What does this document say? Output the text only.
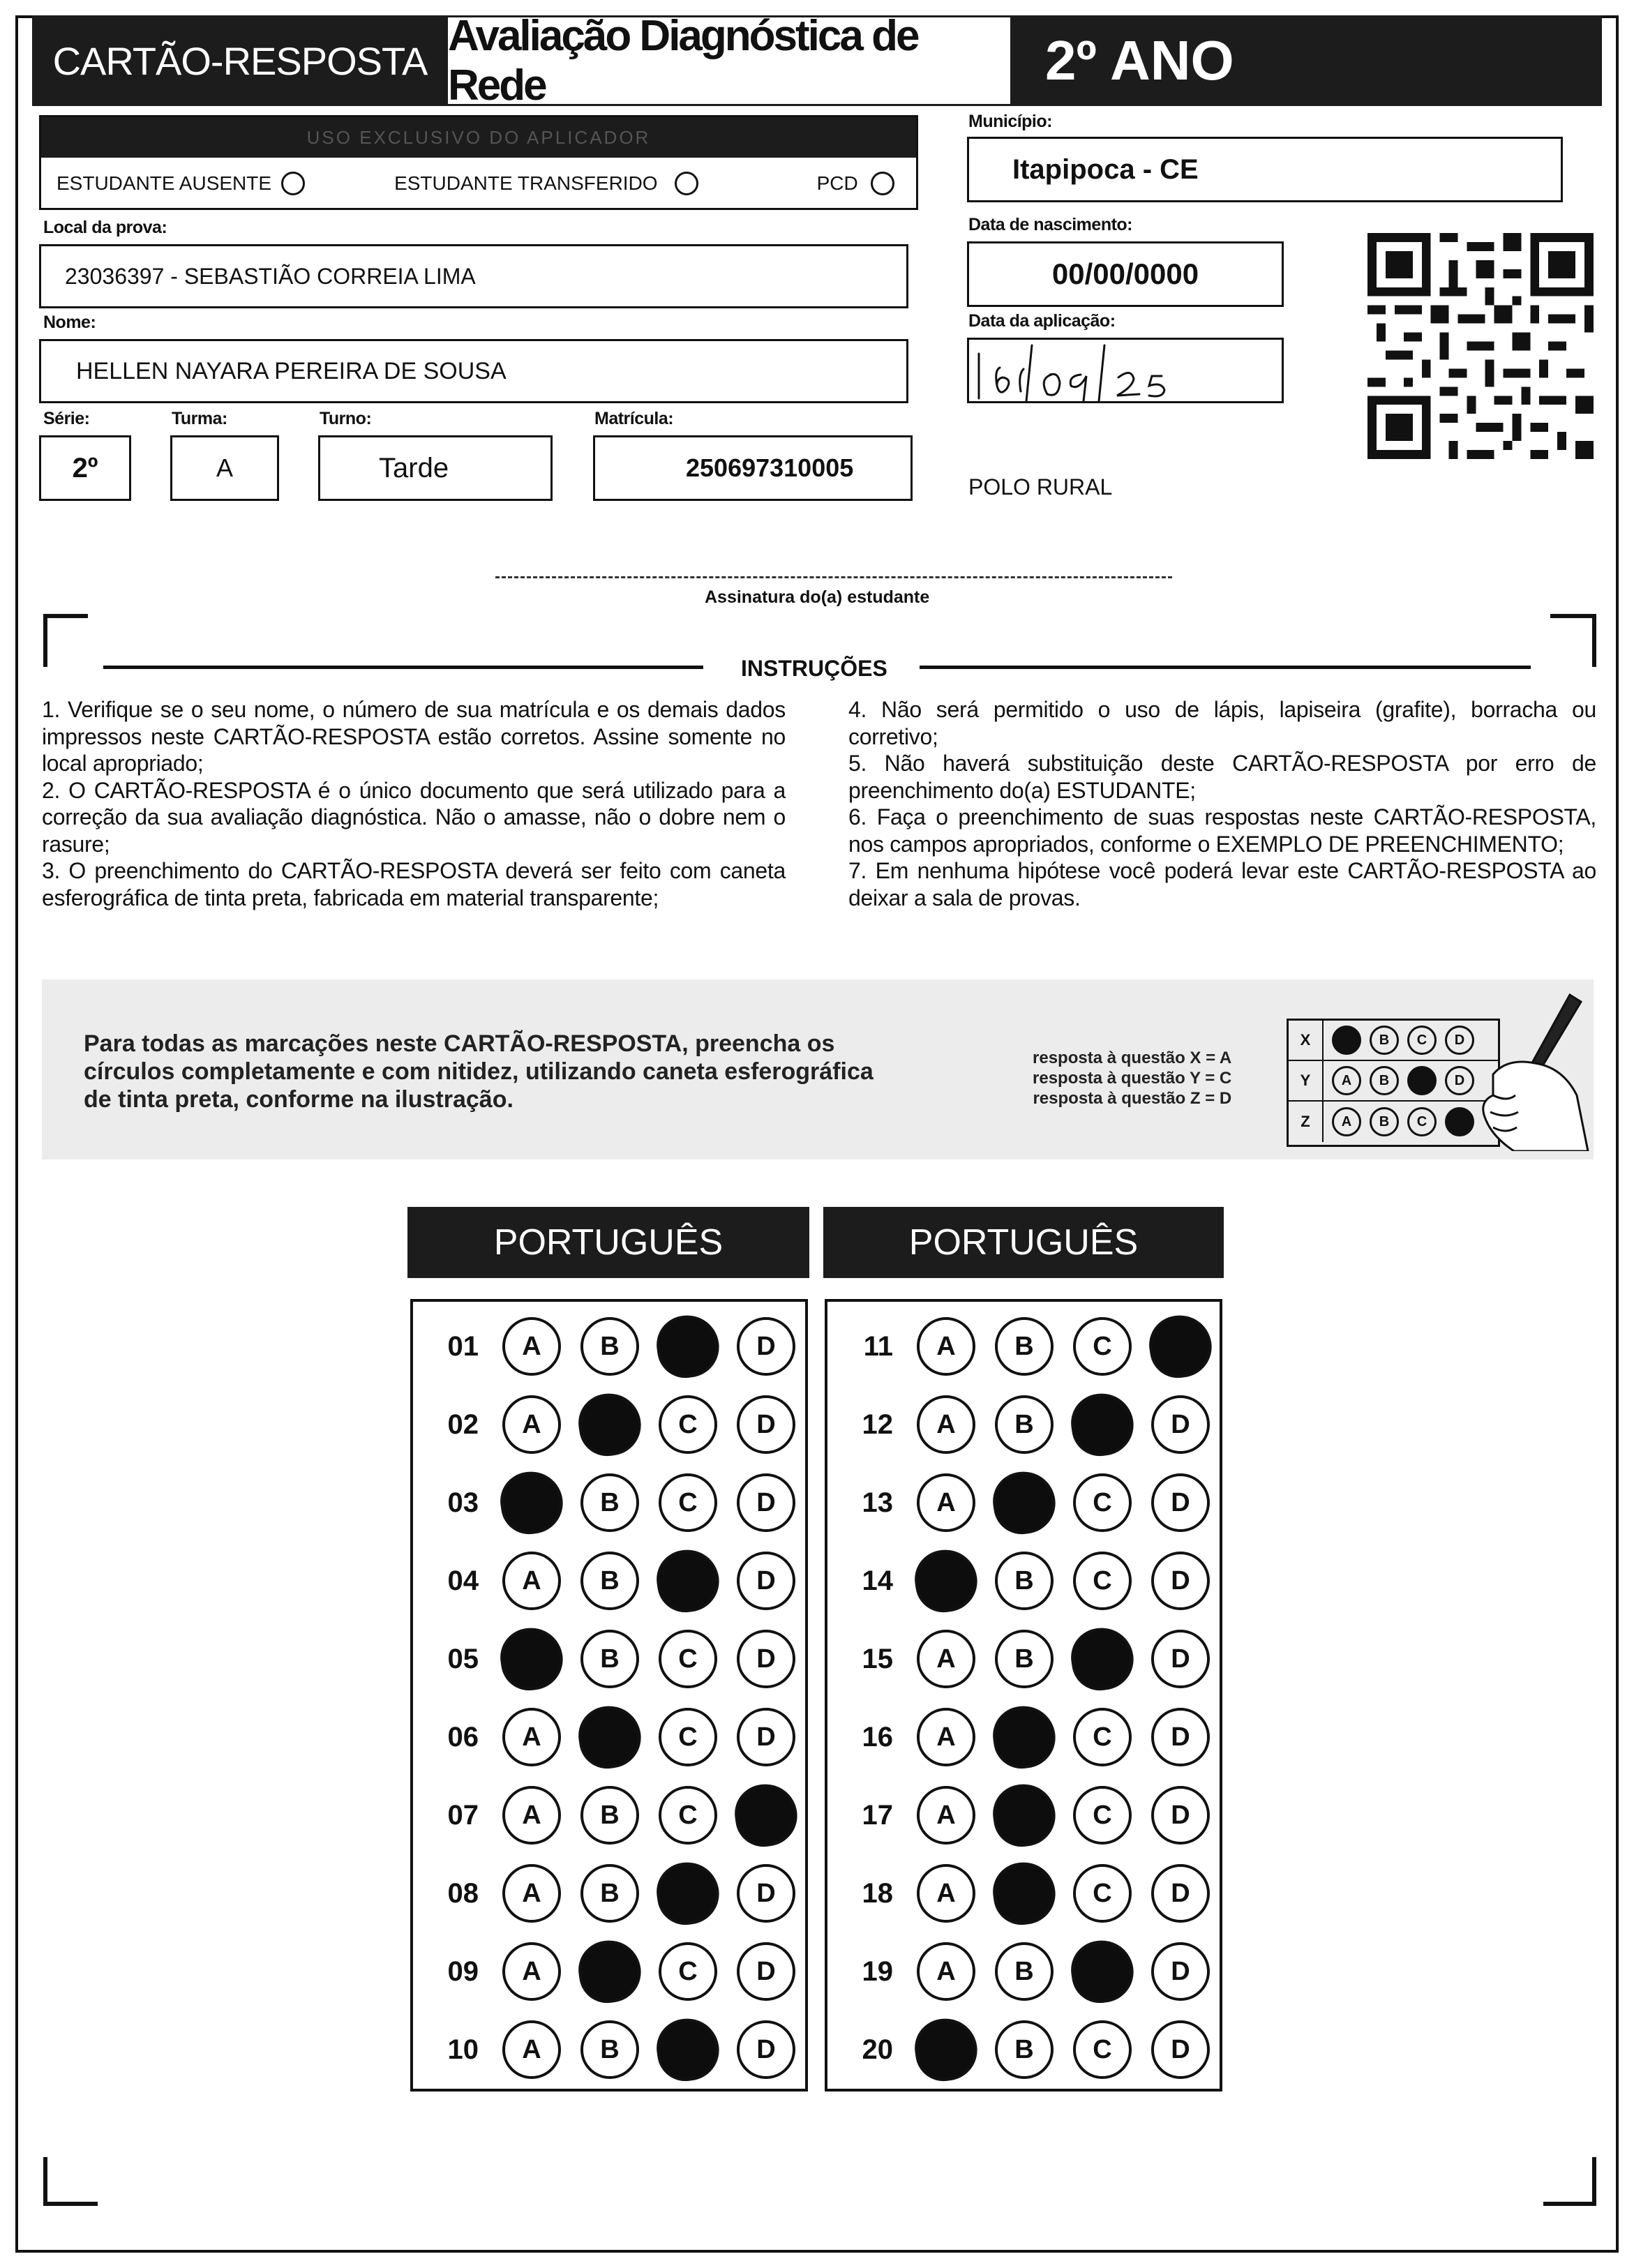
CARTÃO-RESPOSTA
Avaliação Diagnóstica de Rede	2º ANO
USO EXCLUSIVO DO APLICADOR
ESTUDANTE AUSENTE	ESTUDANTE TRANSFERIDO	PCD
Local da prova:
23036397 - SEBASTIÃO CORREIA LIMA
Nome:
HELLEN NAYARA PEREIRA DE SOUSA
Série:	Turma:	Turno:	Matrícula:
2º	A	Tarde	250697310005
Município:
Itapipoca - CE
Data de nascimento:
00/00/0000
Data da aplicação:
POLO RURAL
Assinatura do(a) estudante
INSTRUÇÕES

1. Verifique se o seu nome, o número de sua matrícula e os demais dados impressos neste CARTÃO-RESPOSTA estão corretos. Assine somente no local apropriado;

2. O CARTÃO-RESPOSTA é o único documento que será utilizado para a correção da sua avaliação diagnóstica. Não o amasse, não o dobre nem o rasure;

3. O preenchimento do CARTÃO-RESPOSTA deverá ser feito com caneta esferográfica de tinta preta, fabricada em material transparente;

4. Não será permitido o uso de lápis, lapiseira (grafite), borracha ou corretivo;

5. Não haverá substituição deste CARTÃO-RESPOSTA por erro de preenchimento do(a) ESTUDANTE;

6. Faça o preenchimento de suas respostas neste CARTÃO-RESPOSTA, nos campos apropriados, conforme o EXEMPLO DE PREENCHIMENTO;

7. Em nenhuma hipótese você poderá levar este CARTÃO-RESPOSTA ao deixar a sala de provas.

Para todas as marcações neste CARTÃO-RESPOSTA, preencha os círculos completamente e com nitidez, utilizando caneta esferográfica de tinta preta, conforme na ilustração.
resposta à questão X = A
resposta à questão Y = C
resposta à questão Z = D
X	A	B	C	D
Y	A	B	C	D
Z	A	B	C	D
PORTUGUÊS	PORTUGUÊS
01	A	B	C	D
02	A	B	C	D
03	A	B	C	D
04	A	B	C	D
05	A	B	C	D
06	A	B	C	D
07	A	B	C	D
08	A	B	C	D
09	A	B	C	D
10	A	B	C	D
11	A	B	C	D
12	A	B	C	D
13	A	B	C	D
14	A	B	C	D
15	A	B	C	D
16	A	B	C	D
17	A	B	C	D
18	A	B	C	D
19	A	B	C	D
20	A	B	C	D
